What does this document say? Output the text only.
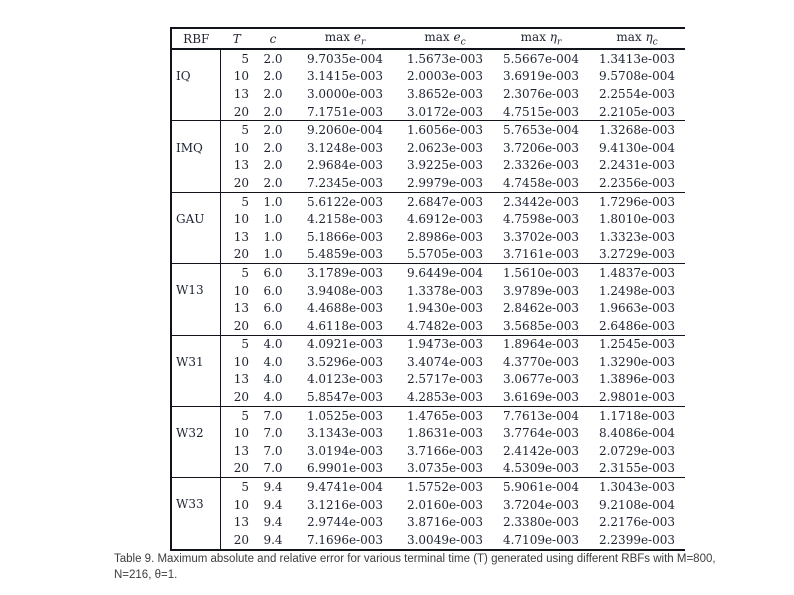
RBF	T	c	$\max e_r$	$\max e_c$	$\max \eta_r$	$\max \eta_c$
IQ	5	2.0	9.7035e-004	1.5673e-003	5.5667e-004	1.3413e-003
	10	2.0	3.1415e-003	2.0003e-003	3.6919e-003	9.5708e-004
	13	2.0	3.0000e-003	3.8652e-003	2.3076e-003	2.2554e-003
	20	2.0	7.1751e-003	3.0172e-003	4.7515e-003	2.2105e-003
IMQ	5	2.0	9.2060e-004	1.6056e-003	5.7653e-004	1.3268e-003
	10	2.0	3.1248e-003	2.0623e-003	3.7206e-003	9.4130e-004
	13	2.0	2.9684e-003	3.9225e-003	2.3326e-003	2.2431e-003
	20	2.0	7.2345e-003	2.9979e-003	4.7458e-003	2.2356e-003
GAU	5	1.0	5.6122e-003	2.6847e-003	2.3442e-003	1.7296e-003
	10	1.0	4.2158e-003	4.6912e-003	4.7598e-003	1.8010e-003
	13	1.0	5.1866e-003	2.8986e-003	3.3702e-003	1.3323e-003
	20	1.0	5.4859e-003	5.5705e-003	3.7161e-003	3.2729e-003
W13	5	6.0	3.1789e-003	9.6449e-004	1.5610e-003	1.4837e-003
	10	6.0	3.9408e-003	1.3378e-003	3.9789e-003	1.2498e-003
	13	6.0	4.4688e-003	1.9430e-003	2.8462e-003	1.9663e-003
	20	6.0	4.6118e-003	4.7482e-003	3.5685e-003	2.6486e-003
W31	5	4.0	4.0921e-003	1.9473e-003	1.8964e-003	1.2545e-003
	10	4.0	3.5296e-003	3.4074e-003	4.3770e-003	1.3290e-003
	13	4.0	4.0123e-003	2.5717e-003	3.0677e-003	1.3896e-003
	20	4.0	5.8547e-003	4.2853e-003	3.6169e-003	2.9801e-003
W32	5	7.0	1.0525e-003	1.4765e-003	7.7613e-004	1.1718e-003
	10	7.0	3.1343e-003	1.8631e-003	3.7764e-003	8.4086e-004
	13	7.0	3.0194e-003	3.7166e-003	2.4142e-003	2.0729e-003
	20	7.0	6.9901e-003	3.0735e-003	4.5309e-003	2.3155e-003
W33	5	9.4	9.4741e-004	1.5752e-003	5.9061e-004	1.3043e-003
	10	9.4	3.1216e-003	2.0160e-003	3.7204e-003	9.2108e-004
	13	9.4	2.9744e-003	3.8716e-003	2.3380e-003	2.2176e-003
	20	9.4	7.1696e-003	3.0049e-003	4.7109e-003	2.2399e-003

Table 9. Maximum absolute and relative error for various terminal time (T) generated using different RBFs with M=800, N=216, θ=1.
